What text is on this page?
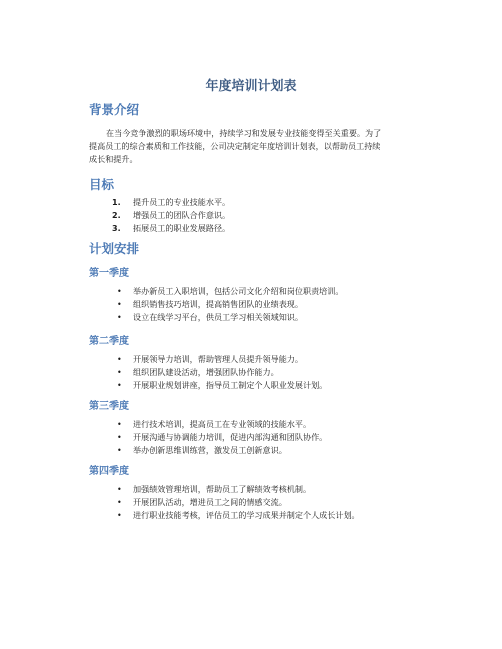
年度培训计划表
背景介绍
在当今竞争激烈的职场环境中，持续学习和发展专业技能变得至关重要。为了
提高员工的综合素质和工作技能，公司决定制定年度培训计划表，以帮助员工持续
成长和提升。
目标
1. 提升员工的专业技能水平。
2. 增强员工的团队合作意识。
3. 拓展员工的职业发展路径。
计划安排
第一季度
• 举办新员工入职培训，包括公司文化介绍和岗位职责培训。
• 组织销售技巧培训，提高销售团队的业绩表现。
• 设立在线学习平台，供员工学习相关领域知识。
第二季度
• 开展领导力培训，帮助管理人员提升领导能力。
• 组织团队建设活动，增强团队协作能力。
• 开展职业规划讲座，指导员工制定个人职业发展计划。
第三季度
• 进行技术培训，提高员工在专业领域的技能水平。
• 开展沟通与协调能力培训，促进内部沟通和团队协作。
• 举办创新思维训练营，激发员工创新意识。
第四季度
• 加强绩效管理培训，帮助员工了解绩效考核机制。
• 开展团队活动，增进员工之间的情感交流。
• 进行职业技能考核，评估员工的学习成果并制定个人成长计划。
